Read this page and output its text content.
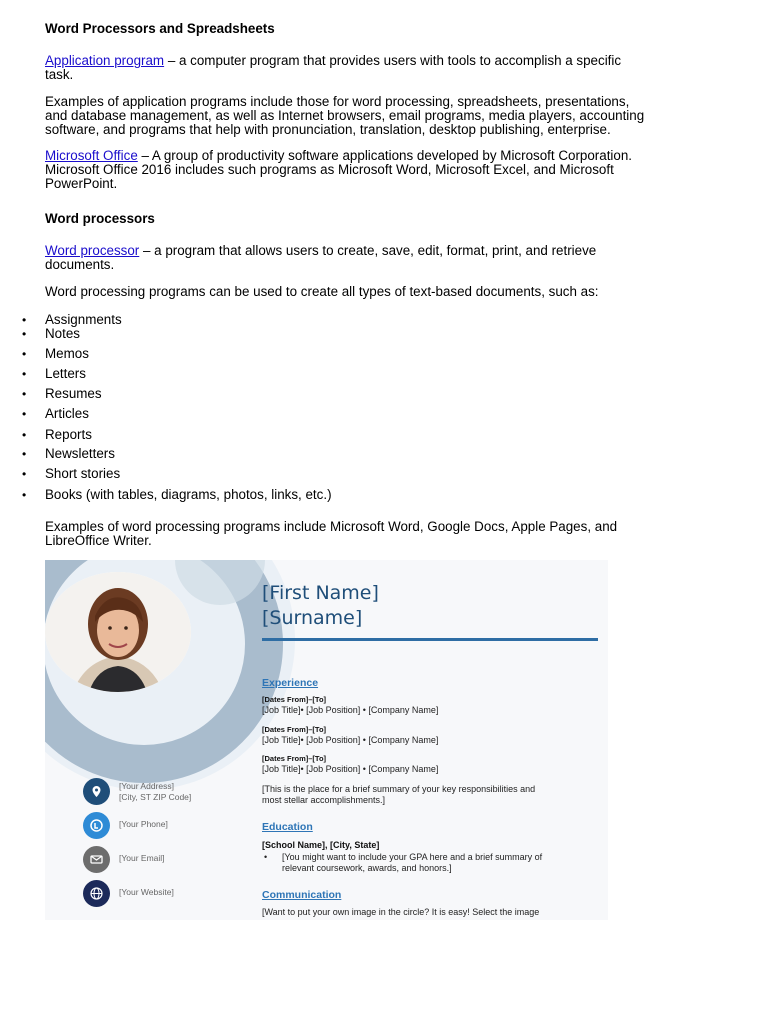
Word Processors and Spreadsheets
Application program – a computer program that provides users with tools to accomplish a specific
task.
Examples of application programs include those for word processing, spreadsheets, presentations,
and database management, as well as Internet browsers, email programs, media players, accounting
software, and programs that help with pronunciation, translation, desktop publishing, enterprise.
Microsoft Office – A group of productivity software applications developed by Microsoft Corporation.
Microsoft Office 2016 includes such programs as Microsoft Word, Microsoft Excel, and Microsoft
PowerPoint.
Word processors
Word processor – a program that allows users to create, save, edit, format, print, and retrieve
documents.
Word processing programs can be used to create all types of text-based documents, such as:
• Assignments
• Notes
• Memos
• Letters
• Resumes
• Articles
• Reports
• Newsletters
• Short stories
• Books (with tables, diagrams, photos, links, etc.)
Examples of word processing programs include Microsoft Word, Google Docs, Apple Pages, and
LibreOffice Writer.
[First Name]
[Surname]
Experience
[Dates From]–[To]
[Job Title]• [Job Position] • [Company Name]
[Dates From]–[To]
[Job Title]• [Job Position] • [Company Name]
[Dates From]–[To]
[Job Title]• [Job Position] • [Company Name]
[This is the place for a brief summary of your key responsibilities and
most stellar accomplishments.]
Education
[School Name], [City, State]
• [You might want to include your GPA here and a brief summary of
relevant coursework, awards, and honors.]
Communication
[Want to put your own image in the circle? It is easy! Select the image
[Your Address]
[City, ST ZIP Code]
[Your Phone]
[Your Email]
[Your Website]
